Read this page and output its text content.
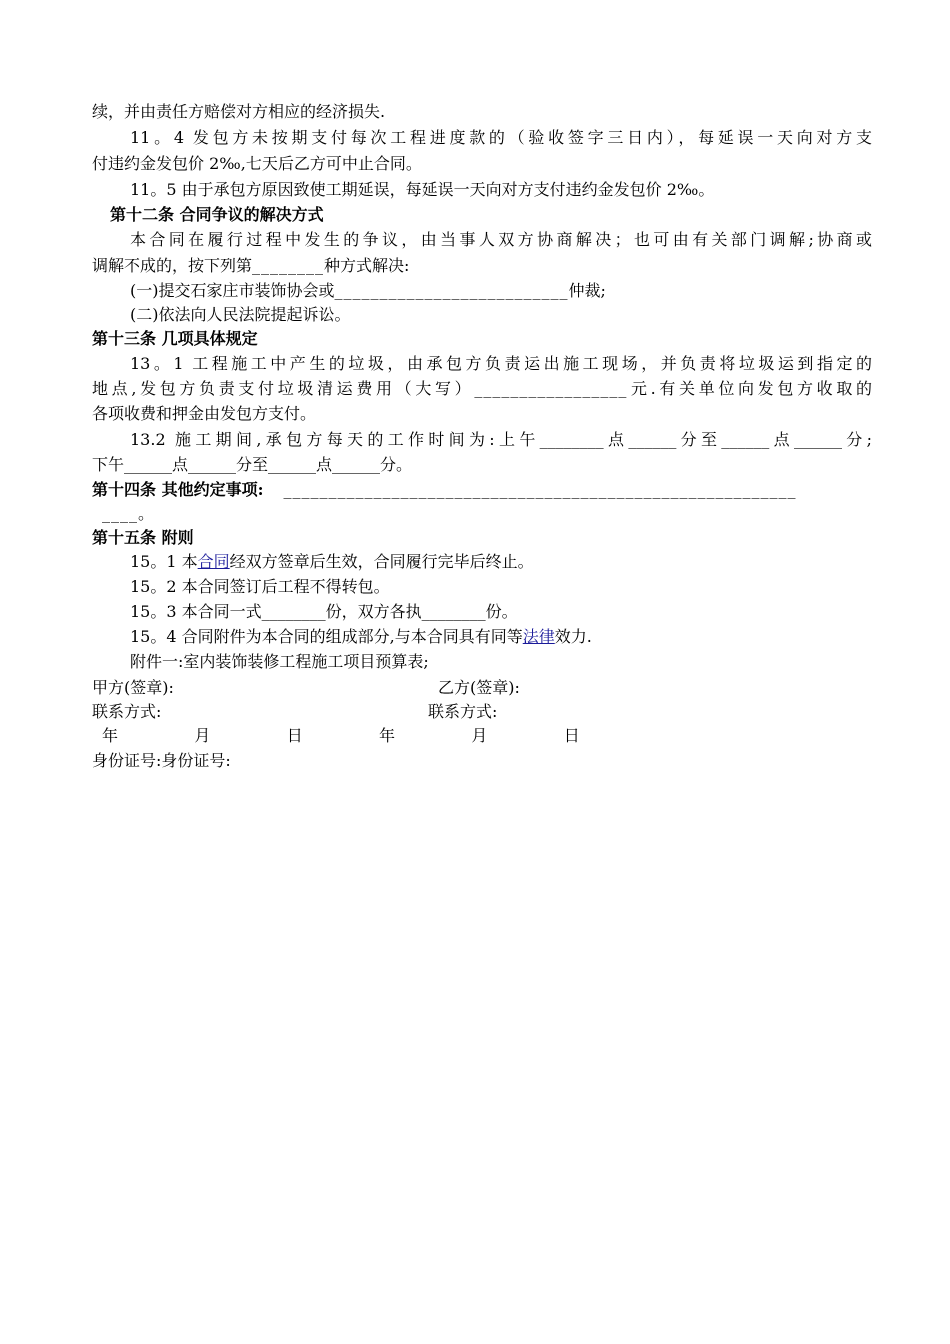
续，并由责任方赔偿对方相应的经济损失.
11。4 发包方未按期支付每次工程进度款的（验收签字三日内），每延误一天向对方支
付违约金发包价 2‰,七天后乙方可中止合同。
11。5 由于承包方原因致使工期延误，每延误一天向对方支付违约金发包价 2‰。
第十二条 合同争议的解决方式
本合同在履行过程中发生的争议，由当事人双方协商解决；也可由有关部门调解;协商或
调解不成的，按下列第________种方式解决:
(一)提交石家庄市装饰协会或__________________________仲裁;
(二)依法向人民法院提起诉讼。
第十三条 几项具体规定
13。1 工程施工中产生的垃圾，由承包方负责运出施工现场，并负责将垃圾运到指定的
地点,发包方负责支付垃圾清运费用（大写）_________________元.有关单位向发包方收取的
各项收费和押金由发包方支付。
13.2 施工期间,承包方每天的工作时间为:上午________点______分至______点______分;
下午______点______分至______点______分。
第十四条 其他约定事项: _________________________________________________________
____。
第十五条 附则
15。1 本合同经双方签章后生效，合同履行完毕后终止。
15。2 本合同签订后工程不得转包。
15。3 本合同一式________份，双方各执________份。
15。4 合同附件为本合同的组成部分,与本合同具有同等法律效力.
附件一:室内装饰装修工程施工项目预算表;
甲方(签章):	乙方(签章):
联系方式:	联系方式:
年    月    日    年    月    日
身份证号:身份证号:
